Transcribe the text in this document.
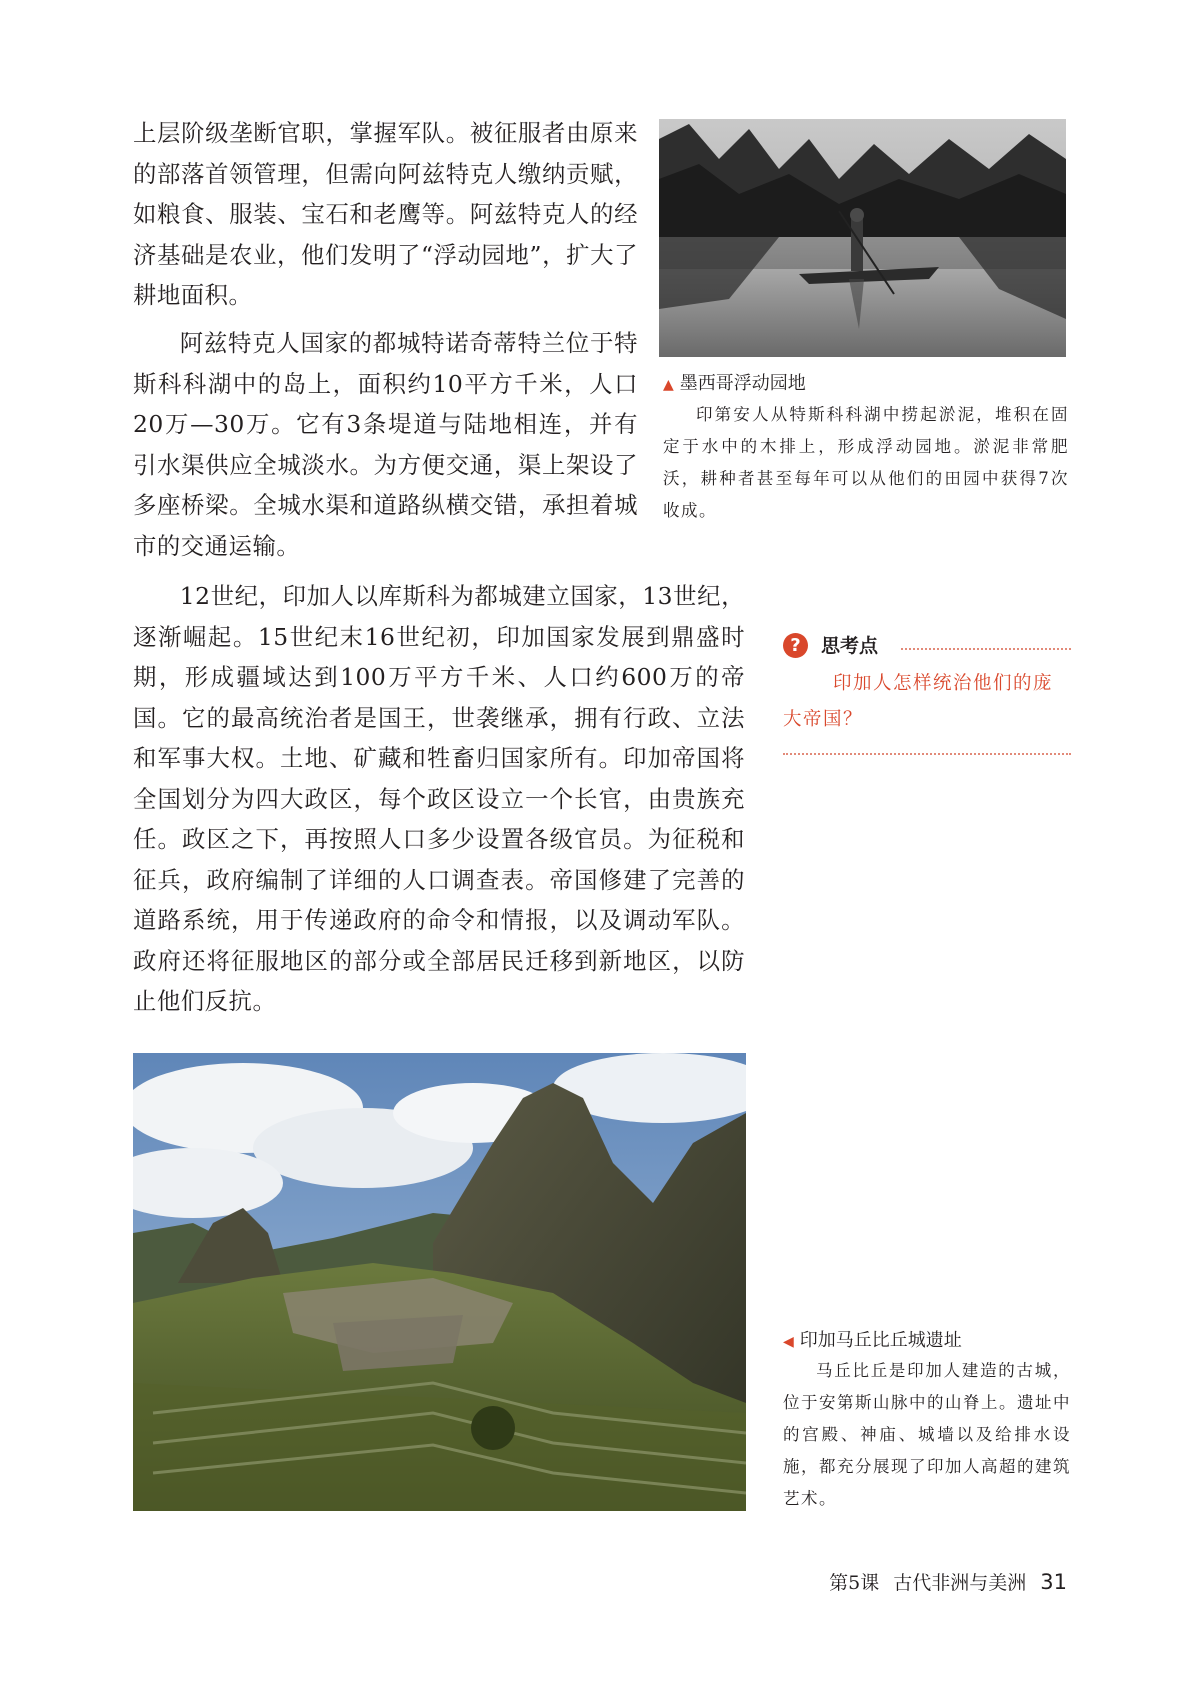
上层阶级垄断官职，掌握军队。被征服者由原来的部落首领管理，但需向阿兹特克人缴纳贡赋，如粮食、服装、宝石和老鹰等。阿兹特克人的经济基础是农业，他们发明了“浮动园地”，扩大了耕地面积。

阿兹特克人国家的都城特诺奇蒂特兰位于特斯科科湖中的岛上，面积约10平方千米，人口20万—30万。它有3条堤道与陆地相连，并有引水渠供应全城淡水。为方便交通，渠上架设了多座桥梁。全城水渠和道路纵横交错，承担着城市的交通运输。

12世纪，印加人以库斯科为都城建立国家，13世纪，逐渐崛起。15世纪末16世纪初，印加国家发展到鼎盛时期，形成疆域达到100万平方千米、人口约600万的帝国。它的最高统治者是国王，世袭继承，拥有行政、立法和军事大权。土地、矿藏和牲畜归国家所有。印加帝国将全国划分为四大政区，每个政区设立一个长官，由贵族充任。政区之下，再按照人口多少设置各级官员。为征税和征兵，政府编制了详细的人口调查表。帝国修建了完善的道路系统，用于传递政府的命令和情报，以及调动军队。政府还将征服地区的部分或全部居民迁移到新地区，以防止他们反抗。

▲ 墨西哥浮动园地

印第安人从特斯科科湖中捞起淤泥，堆积在固定于水中的木排上，形成浮动园地。淤泥非常肥沃，耕种者甚至每年可以从他们的田园中获得7次收成。

?	思考点

印加人怎样统治他们的庞大帝国？

◀ 印加马丘比丘城遗址

马丘比丘是印加人建造的古城，位于安第斯山脉中的山脊上。遗址中的宫殿、神庙、城墙以及给排水设施，都充分展现了印加人高超的建筑艺术。

第5课 古代非洲与美洲 31
